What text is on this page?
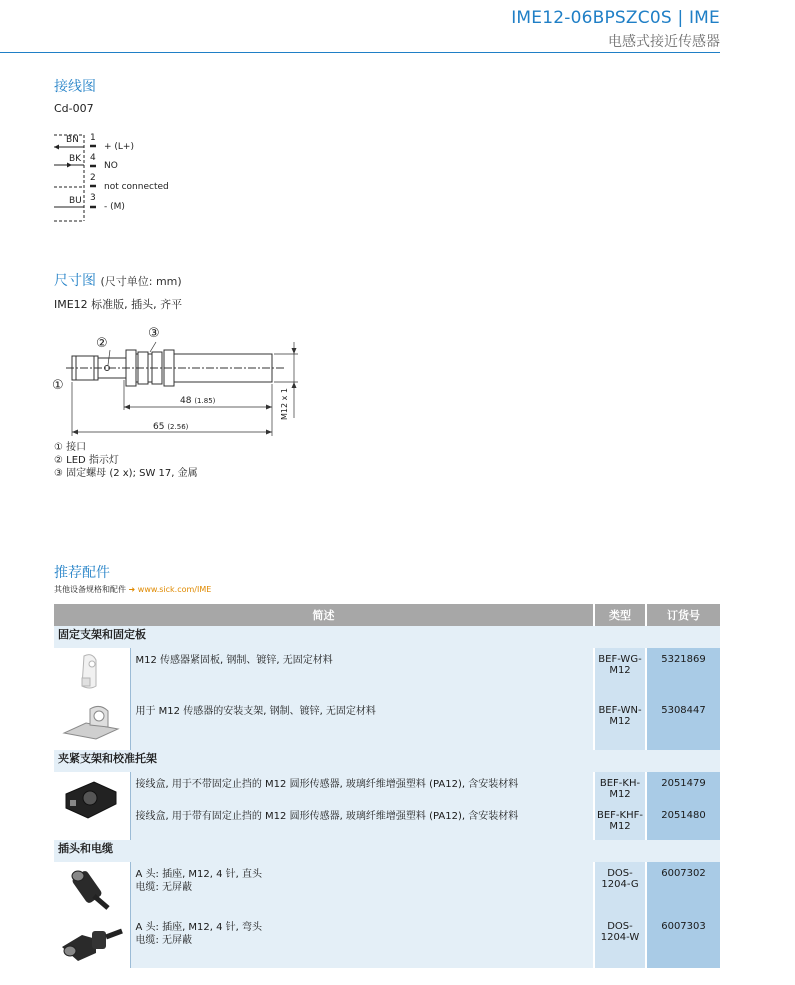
IME12-06BPSZC0S | IME
电感式接近传感器
接线图
Cd-007
BN 1
+ (L+)
BK 4
NO
2
not connected
BU 3
- (M)
尺寸图 (尺寸单位: mm)
IME12 标准版, 插头, 齐平
①
②
③
48 (1.85)
65 (2.56)
M12 x 1
① 接口
② LED 指示灯
③ 固定螺母 (2 x); SW 17, 金属
推荐配件
其他设备规格和配件 ➜ www.sick.com/IME
简述		类型	订货号
固定支架和固定板			
	M12 传感器紧固板, 钢制、镀锌, 无固定材料	BEF-WG-M12	5321869
	用于 M12 传感器的安装支架, 钢制、镀锌, 无固定材料	BEF-WN-M12	5308447
夹紧支架和校准托架			
	接线盒, 用于不带固定止挡的 M12 圆形传感器, 玻璃纤维增强塑料 (PA12), 含安装材料	BEF-KH-M12	2051479
	接线盒, 用于带有固定止挡的 M12 圆形传感器, 玻璃纤维增强塑料 (PA12), 含安装材料	BEF-KHF-M12	2051480
插头和电缆			

A 头: 插座, M12, 4 针, 直头
电缆: 无屏蔽	DOS-1204-G	6007302

A 头: 插座, M12, 4 针, 弯头
电缆: 无屏蔽	DOS-1204-W	6007303
